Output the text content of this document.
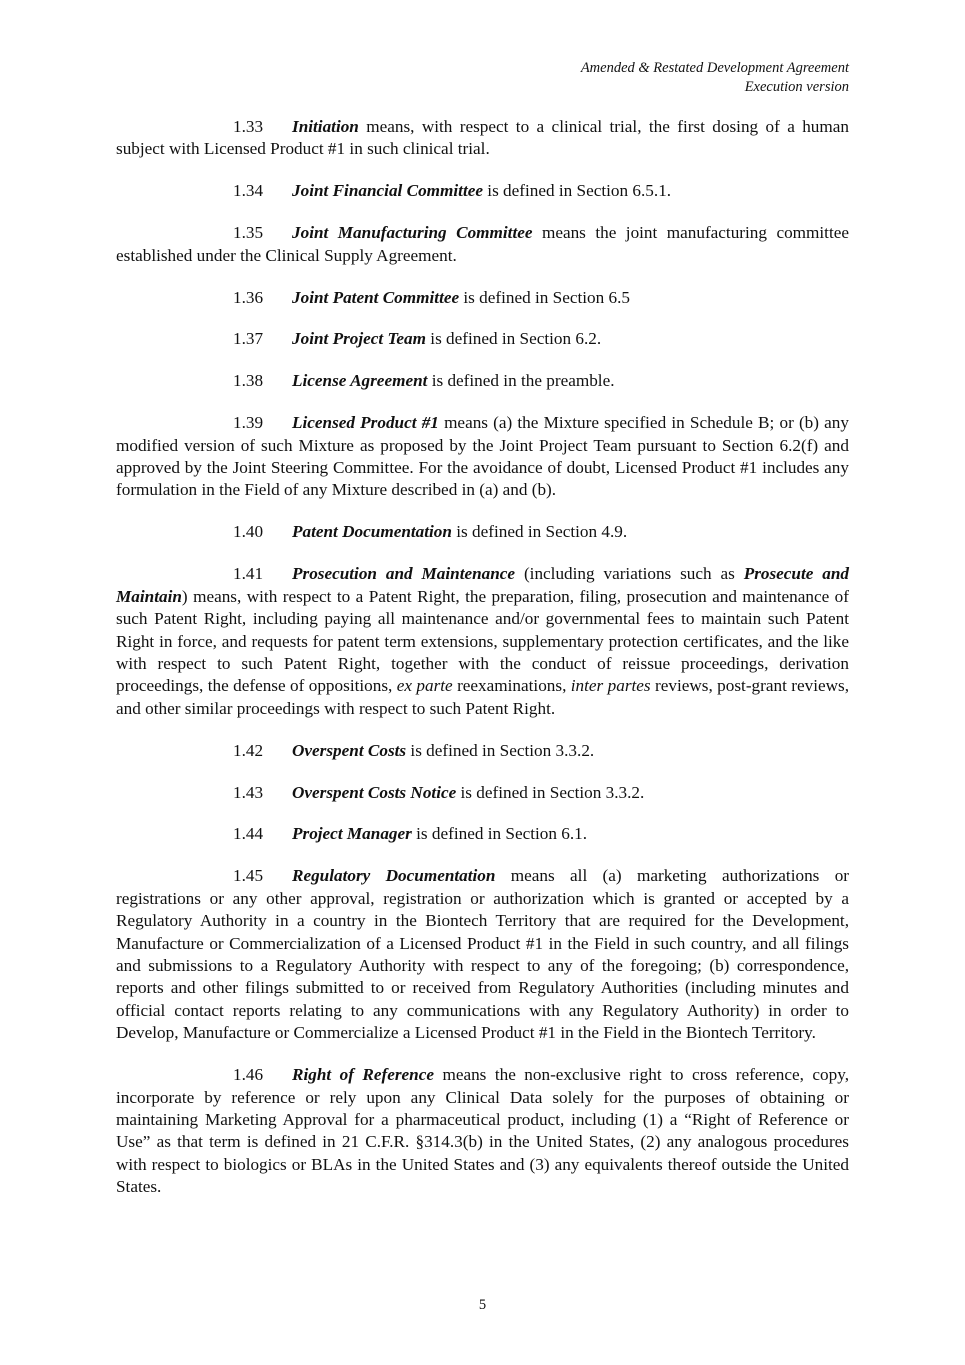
Amended & Restated Development Agreement
Execution version

1.33 Initiation means, with respect to a clinical trial, the first dosing of a human subject with Licensed Product #1 in such clinical trial.

1.34 Joint Financial Committee is defined in Section 6.5.1.

1.35 Joint Manufacturing Committee means the joint manufacturing committee established under the Clinical Supply Agreement.

1.36 Joint Patent Committee is defined in Section 6.5

1.37 Joint Project Team is defined in Section 6.2.

1.38 License Agreement is defined in the preamble.

1.39 Licensed Product #1 means (a) the Mixture specified in Schedule B; or (b) any modified version of such Mixture as proposed by the Joint Project Team pursuant to Section 6.2(f) and approved by the Joint Steering Committee. For the avoidance of doubt, Licensed Product #1 includes any formulation in the Field of any Mixture described in (a) and (b).

1.40 Patent Documentation is defined in Section 4.9.

1.41 Prosecution and Maintenance (including variations such as Prosecute and Maintain) means, with respect to a Patent Right, the preparation, filing, prosecution and maintenance of such Patent Right, including paying all maintenance and/or governmental fees to maintain such Patent Right in force, and requests for patent term extensions, supplementary protection certificates, and the like with respect to such Patent Right, together with the conduct of reissue proceedings, derivation proceedings, the defense of oppositions, ex parte reexaminations, inter partes reviews, post-grant reviews, and other similar proceedings with respect to such Patent Right.

1.42 Overspent Costs is defined in Section 3.3.2.

1.43 Overspent Costs Notice is defined in Section 3.3.2.

1.44 Project Manager is defined in Section 6.1.

1.45 Regulatory Documentation means all (a) marketing authorizations or registrations or any other approval, registration or authorization which is granted or accepted by a Regulatory Authority in a country in the Biontech Territory that are required for the Development, Manufacture or Commercialization of a Licensed Product #1 in the Field in such country, and all filings and submissions to a Regulatory Authority with respect to any of the foregoing; (b) correspondence, reports and other filings submitted to or received from Regulatory Authorities (including minutes and official contact reports relating to any communications with any Regulatory Authority) in order to Develop, Manufacture or Commercialize a Licensed Product #1 in the Field in the Biontech Territory.

1.46 Right of Reference means the non-exclusive right to cross reference, copy, incorporate by reference or rely upon any Clinical Data solely for the purposes of obtaining or maintaining Marketing Approval for a pharmaceutical product, including (1) a “Right of Reference or Use” as that term is defined in 21 C.F.R. §314.3(b) in the United States, (2) any analogous procedures with respect to biologics or BLAs in the United States and (3) any equivalents thereof outside the United States.

5
